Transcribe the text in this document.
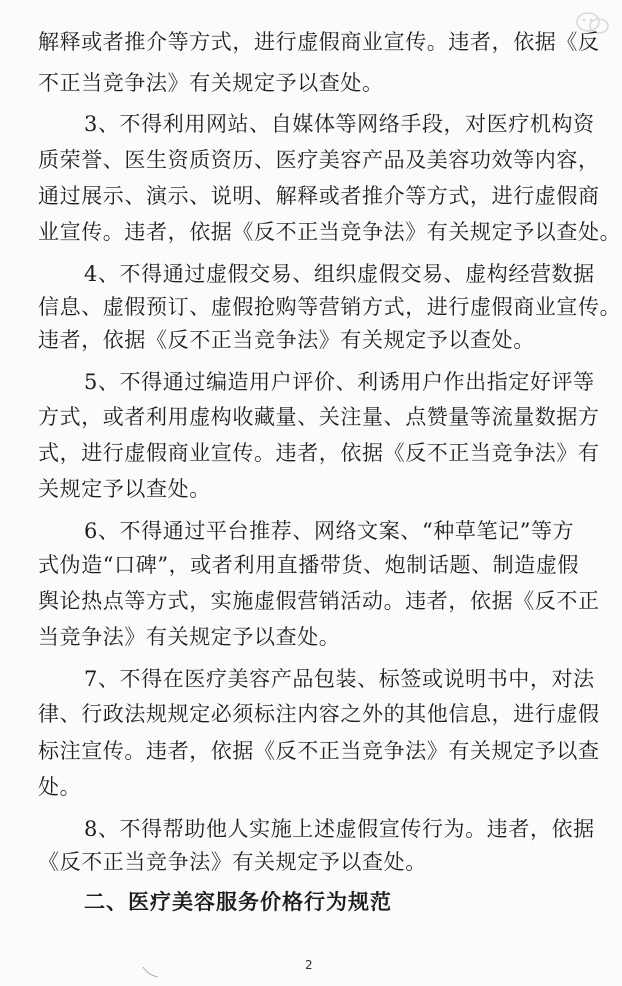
解释或者推介等方式，进行虚假商业宣传。违者，依据《反
不正当竞争法》有关规定予以查处。
3、不得利用网站、自媒体等网络手段，对医疗机构资
质荣誉、医生资质资历、医疗美容产品及美容功效等内容，
通过展示、演示、说明、解释或者推介等方式，进行虚假商
业宣传。违者，依据《反不正当竞争法》有关规定予以查处。
4、不得通过虚假交易、组织虚假交易、虚构经营数据
信息、虚假预订、虚假抢购等营销方式，进行虚假商业宣传。
违者，依据《反不正当竞争法》有关规定予以查处。
5、不得通过编造用户评价、利诱用户作出指定好评等
方式，或者利用虚构收藏量、关注量、点赞量等流量数据方
式，进行虚假商业宣传。违者，依据《反不正当竞争法》有
关规定予以查处。
6、不得通过平台推荐、网络文案、“种草笔记”等方
式伪造“口碑”，或者利用直播带货、炮制话题、制造虚假
舆论热点等方式，实施虚假营销活动。违者，依据《反不正
当竞争法》有关规定予以查处。
7、不得在医疗美容产品包装、标签或说明书中，对法
律、行政法规规定必须标注内容之外的其他信息，进行虚假
标注宣传。违者，依据《反不正当竞争法》有关规定予以查
处。
8、不得帮助他人实施上述虚假宣传行为。违者，依据
《反不正当竞争法》有关规定予以查处。
二、医疗美容服务价格行为规范
2
